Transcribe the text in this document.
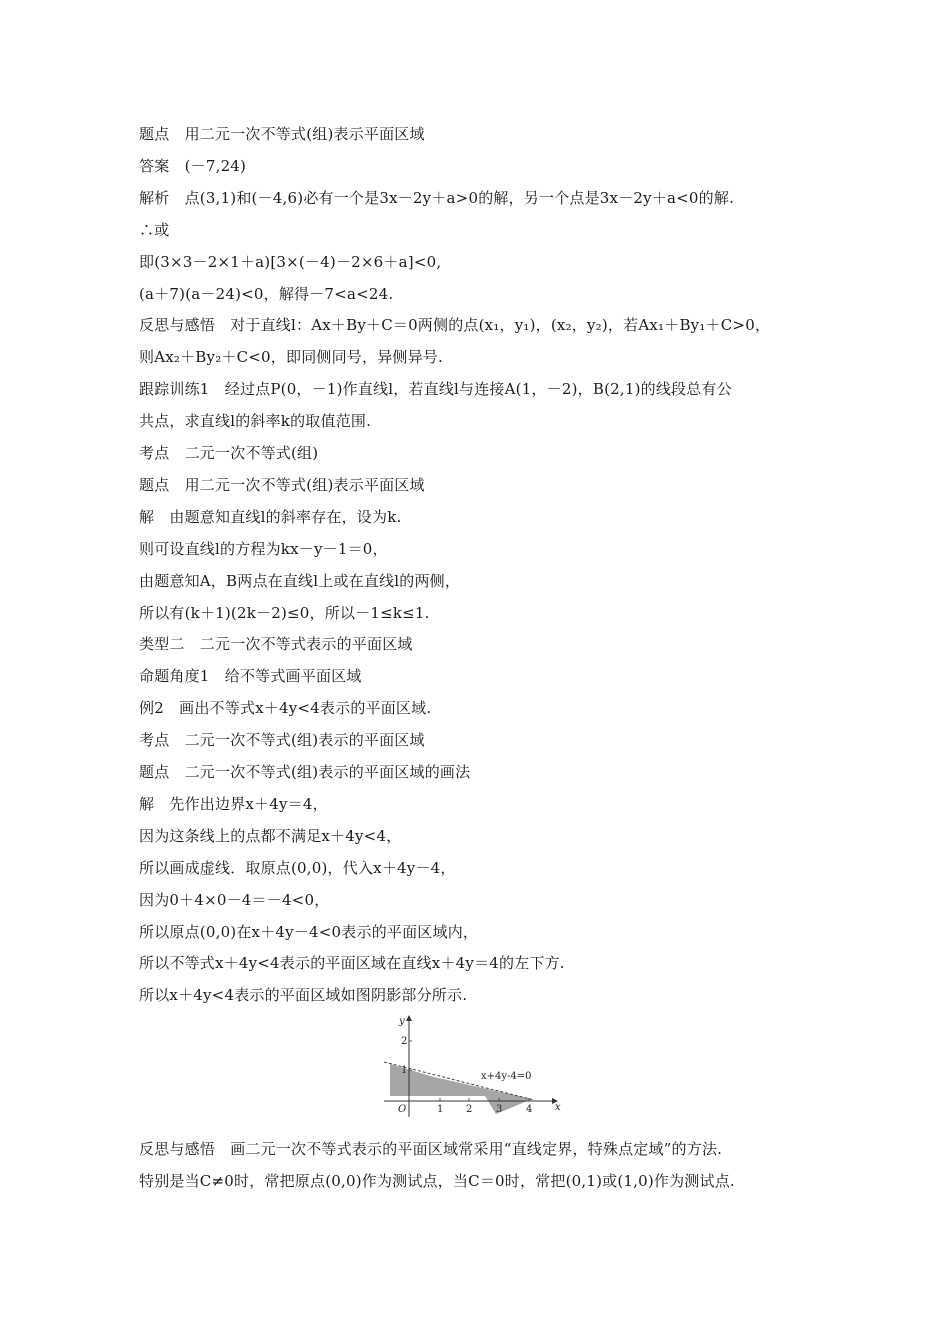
题点　用二元一次不等式(组)表示平面区域
答案　(－7,24)
解析　点(3,1)和(－4,6)必有一个是3x－2y＋a>0的解，另一个点是3x－2y＋a<0的解.
∴或
即(3×3－2×1＋a)[3×(－4)－2×6＋a]<0,
(a＋7)(a－24)<0，解得－7<a<24.
反思与感悟　对于直线l：Ax＋By＋C＝0两侧的点(x₁，y₁)，(x₂，y₂)，若Ax₁＋By₁＋C>0，
则Ax₂＋By₂＋C<0，即同侧同号，异侧异号.
跟踪训练1　经过点P(0，－1)作直线l，若直线l与连接A(1，－2)，B(2,1)的线段总有公
共点，求直线l的斜率k的取值范围.
考点　二元一次不等式(组)
题点　用二元一次不等式(组)表示平面区域
解　由题意知直线l的斜率存在，设为k.
则可设直线l的方程为kx－y－1＝0，
由题意知A，B两点在直线l上或在直线l的两侧，
所以有(k＋1)(2k－2)≤0，所以－1≤k≤1.
类型二　二元一次不等式表示的平面区域
命题角度1　给不等式画平面区域
例2　画出不等式x＋4y<4表示的平面区域.
考点　二元一次不等式(组)表示的平面区域
题点　二元一次不等式(组)表示的平面区域的画法
解　先作出边界x＋4y＝4，
因为这条线上的点都不满足x＋4y<4，
所以画成虚线．取原点(0,0)，代入x＋4y－4，
因为0＋4×0－4＝－4<0，
所以原点(0,0)在x＋4y－4<0表示的平面区域内，
所以不等式x＋4y<4表示的平面区域在直线x＋4y＝4的左下方.
所以x＋4y<4表示的平面区域如图阴影部分所示.
y
x
O	1 2 3 4
1
2
x+4y-4=0
反思与感悟　画二元一次不等式表示的平面区域常采用“直线定界，特殊点定域”的方法.
特别是当C≠0时，常把原点(0,0)作为测试点，当C＝0时，常把(0,1)或(1,0)作为测试点.
